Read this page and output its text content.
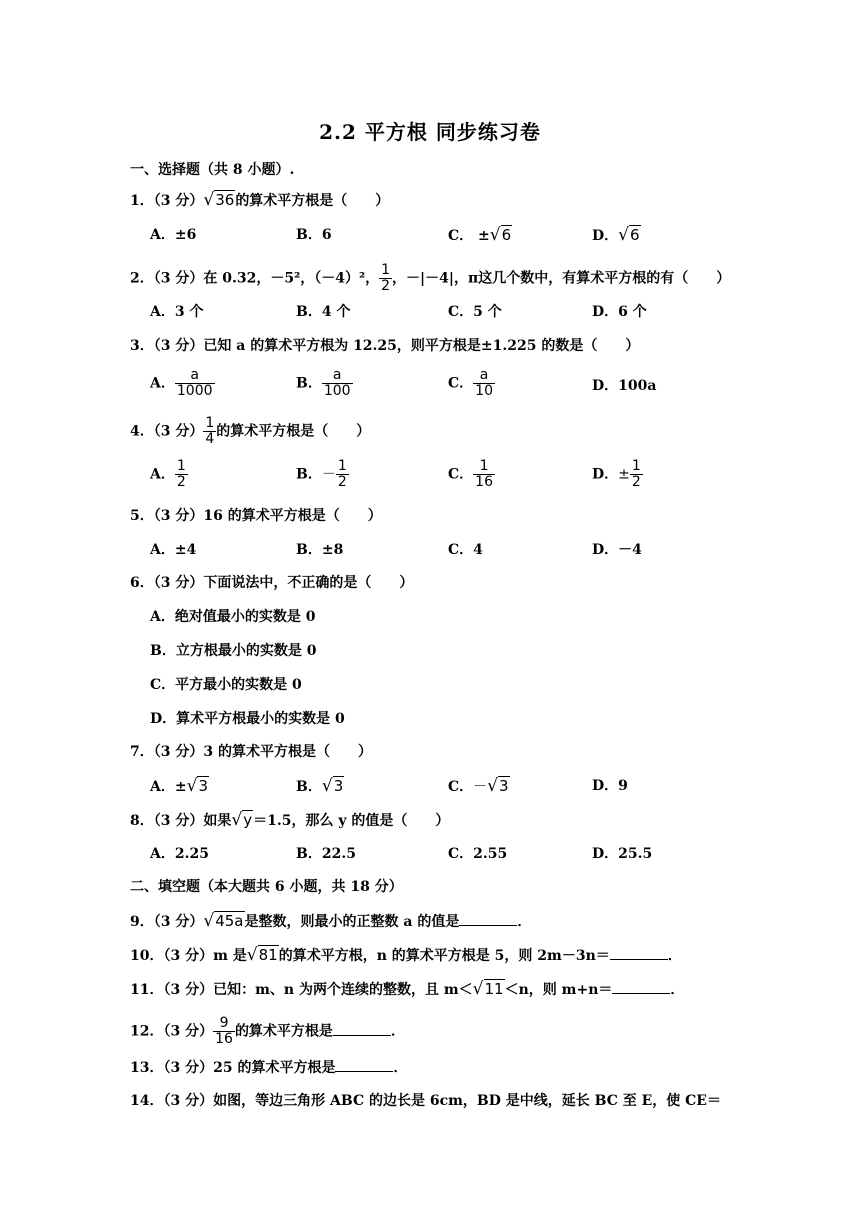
2.2 平方根 同步练习卷
一、选择题（共 8 小题）.
1．（3 分）√36的算术平方根是（　　）
A．±6	B．6	C． ±√6	D．√6
2．（3 分）在 0.32，－5²，（－4）²， $\frac{1}{2}$ ，－|－4|，π这几个数中，有算术平方根的有（　　）
A．3 个	B．4 个	C．5 个	D．6 个
3．（3 分）已知 a 的算术平方根为 12.25，则平方根是±1.225 的数是（　　）
A． $\frac{a}{1000}$	B． $\frac{a}{100}$	C． $\frac{a}{10}$	D．100a
4．（3 分） $\frac{1}{4}$ 的算术平方根是（　　）
A． $\frac{1}{2}$	B．－ $\frac{1}{2}$	C． $\frac{1}{16}$	D．± $\frac{1}{2}$
5．（3 分）16 的算术平方根是（　　）
A．±4	B．±8	C．4	D．－4
6．（3 分）下面说法中，不正确的是（　　）
A．绝对值最小的实数是 0
B．立方根最小的实数是 0
C．平方最小的实数是 0
D．算术平方根最小的实数是 0
7．（3 分）3 的算术平方根是（　　）
A．±√3	B．√3	C．－√3	D．9
8．（3 分）如果√y＝1.5，那么 y 的值是（　　）
A．2.25	B．22.5	C．2.55	D．25.5
二、填空题（本大题共 6 小题，共 18 分）
9．（3 分）√45a是整数，则最小的正整数 a 的值是	．
10．（3 分）m 是√81的算术平方根，n 的算术平方根是 5，则 2m－3n＝	．
11．（3 分）已知：m、n 为两个连续的整数，且 m＜√11＜n，则 m+n＝	．
12．（3 分） $\frac{9}{16}$ 的算术平方根是	．
13．（3 分）25 的算术平方根是	．
14．（3 分）如图，等边三角形 ABC 的边长是 6cm，BD 是中线，延长 BC 至 E，使 CE＝
